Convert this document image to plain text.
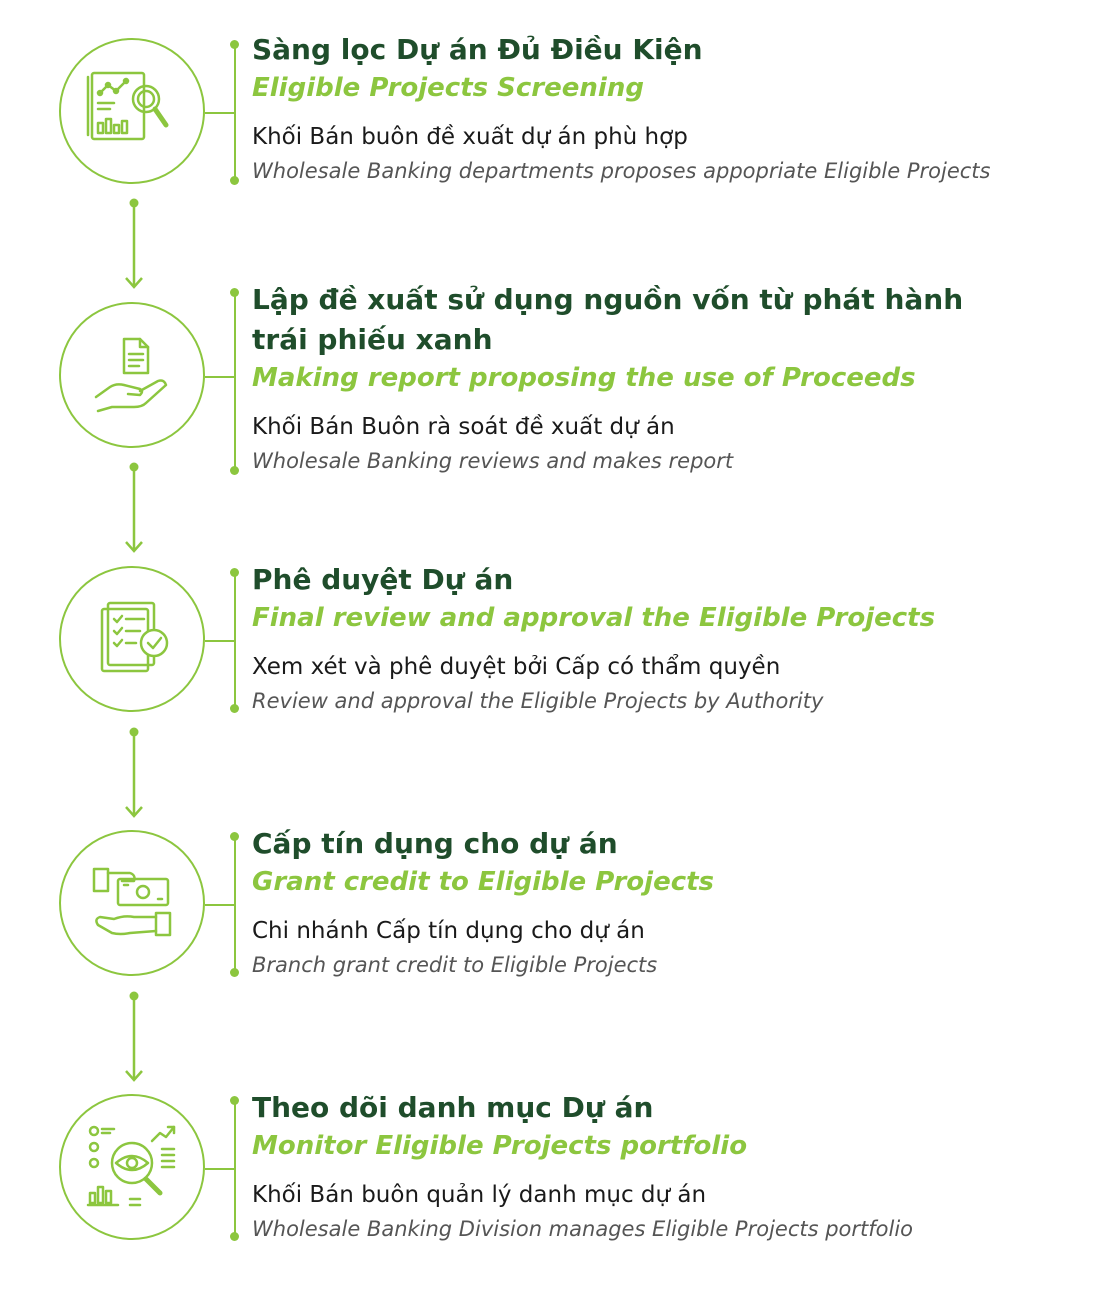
Sàng lọc Dự án Đủ Điều Kiện

Eligible Projects Screening

Khối Bán buôn đề xuất dự án phù hợp

Wholesale Banking departments proposes appopriate Eligible Projects

Lập đề xuất sử dụng nguồn vốn từ phát hành trái phiếu xanh

Making report proposing the use of Proceeds

Khối Bán Buôn rà soát đề xuất dự án

Wholesale Banking reviews and makes report

Phê duyệt Dự án

Final review and approval the Eligible Projects

Xem xét và phê duyệt bởi Cấp có thẩm quyền

Review and approval the Eligible Projects by Authority

Cấp tín dụng cho dự án

Grant credit to Eligible Projects

Chi nhánh Cấp tín dụng cho dự án

Branch grant credit to Eligible Projects

Theo dõi danh mục Dự án

Monitor Eligible Projects portfolio

Khối Bán buôn quản lý danh mục dự án

Wholesale Banking Division manages Eligible Projects portfolio
